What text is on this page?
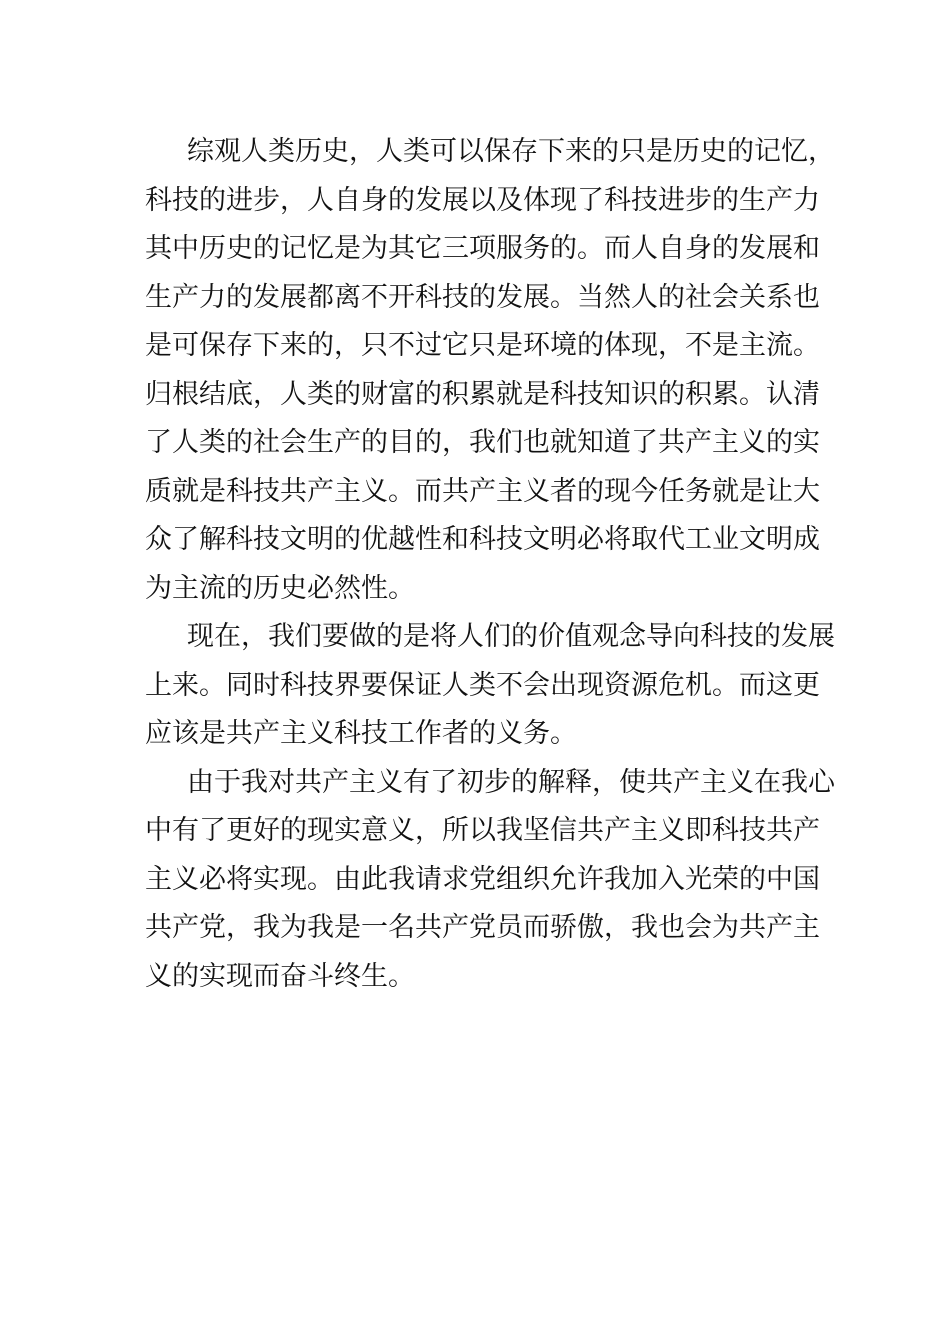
综观人类历史，人类可以保存下来的只是历史的记忆，
科技的进步，人自身的发展以及体现了科技进步的生产力
其中历史的记忆是为其它三项服务的。而人自身的发展和
生产力的发展都离不开科技的发展。当然人的社会关系也
是可保存下来的，只不过它只是环境的体现，不是主流。
归根结底，人类的财富的积累就是科技知识的积累。认清
了人类的社会生产的目的，我们也就知道了共产主义的实
质就是科技共产主义。而共产主义者的现今任务就是让大
众了解科技文明的优越性和科技文明必将取代工业文明成
为主流的历史必然性。
现在，我们要做的是将人们的价值观念导向科技的发展
上来。同时科技界要保证人类不会出现资源危机。而这更
应该是共产主义科技工作者的义务。
由于我对共产主义有了初步的解释，使共产主义在我心
中有了更好的现实意义，所以我坚信共产主义即科技共产
主义必将实现。由此我请求党组织允许我加入光荣的中国
共产党，我为我是一名共产党员而骄傲，我也会为共产主
义的实现而奋斗终生。
